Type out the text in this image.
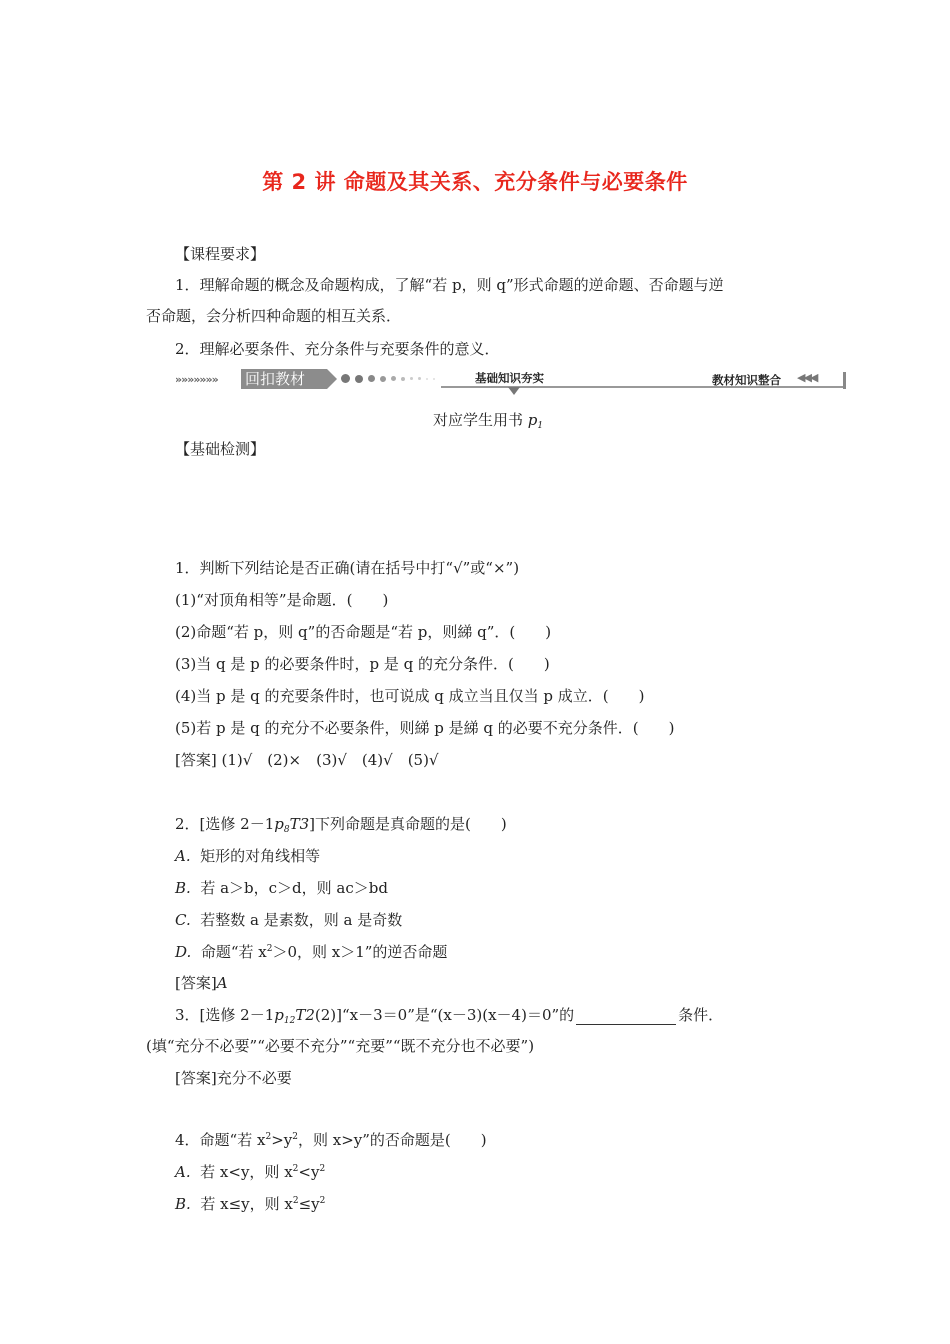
第 2 讲 命题及其关系、充分条件与必要条件
【课程要求】
1．理解命题的概念及命题构成，了解“若 p，则 q”形式命题的逆命题、否命题与逆
否命题，会分析四种命题的相互关系．
2．理解必要条件、充分条件与充要条件的意义．
»»»»»»» 回扣教材	基础知识夯实	教材知识整合 ◀◀◀
对应学生用书 $p_1$
【基础检测】
1．判断下列结论是否正确(请在括号中打“√”或“×”)
(1)“对顶角相等”是命题．(　　)
(2)命题“若 p，则 q”的否命题是“若 p，则綈 q”．(　　)
(3)当 q 是 p 的必要条件时，p 是 q 的充分条件．(　　)
(4)当 p 是 q 的充要条件时，也可说成 q 成立当且仅当 p 成立．(　　)
(5)若 p 是 q 的充分不必要条件，则綈 p 是綈 q 的必要不充分条件．(　　)
[答案] (1)√　(2)×　(3)√　(4)√　(5)√
2．[选修 $2-1p_8T3$]下列命题是真命题的是(　　)
A. 矩形的对角线相等
B. 若 a＞b，c＞d，则 ac＞bd
C. 若整数 a 是素数，则 a 是奇数
D. 命题“若 $x^2>0$，则 x＞1”的逆否命题
[答案]A
3．[选修 $2-1p_{12}T2(2)]“x-3=0$”是“(x－3)(x－4)＝0”的	条件．
(填“充分不必要”“必要不充分”“充要”“既不充分也不必要”)
[答案]充分不必要
4．命题“若 $x^2>y^2$，则 x>y”的否命题是(　　)
A. 若 x<y，则 $x^2<y^2$
B. 若 x≤y，则 $x^2\le y^2$
